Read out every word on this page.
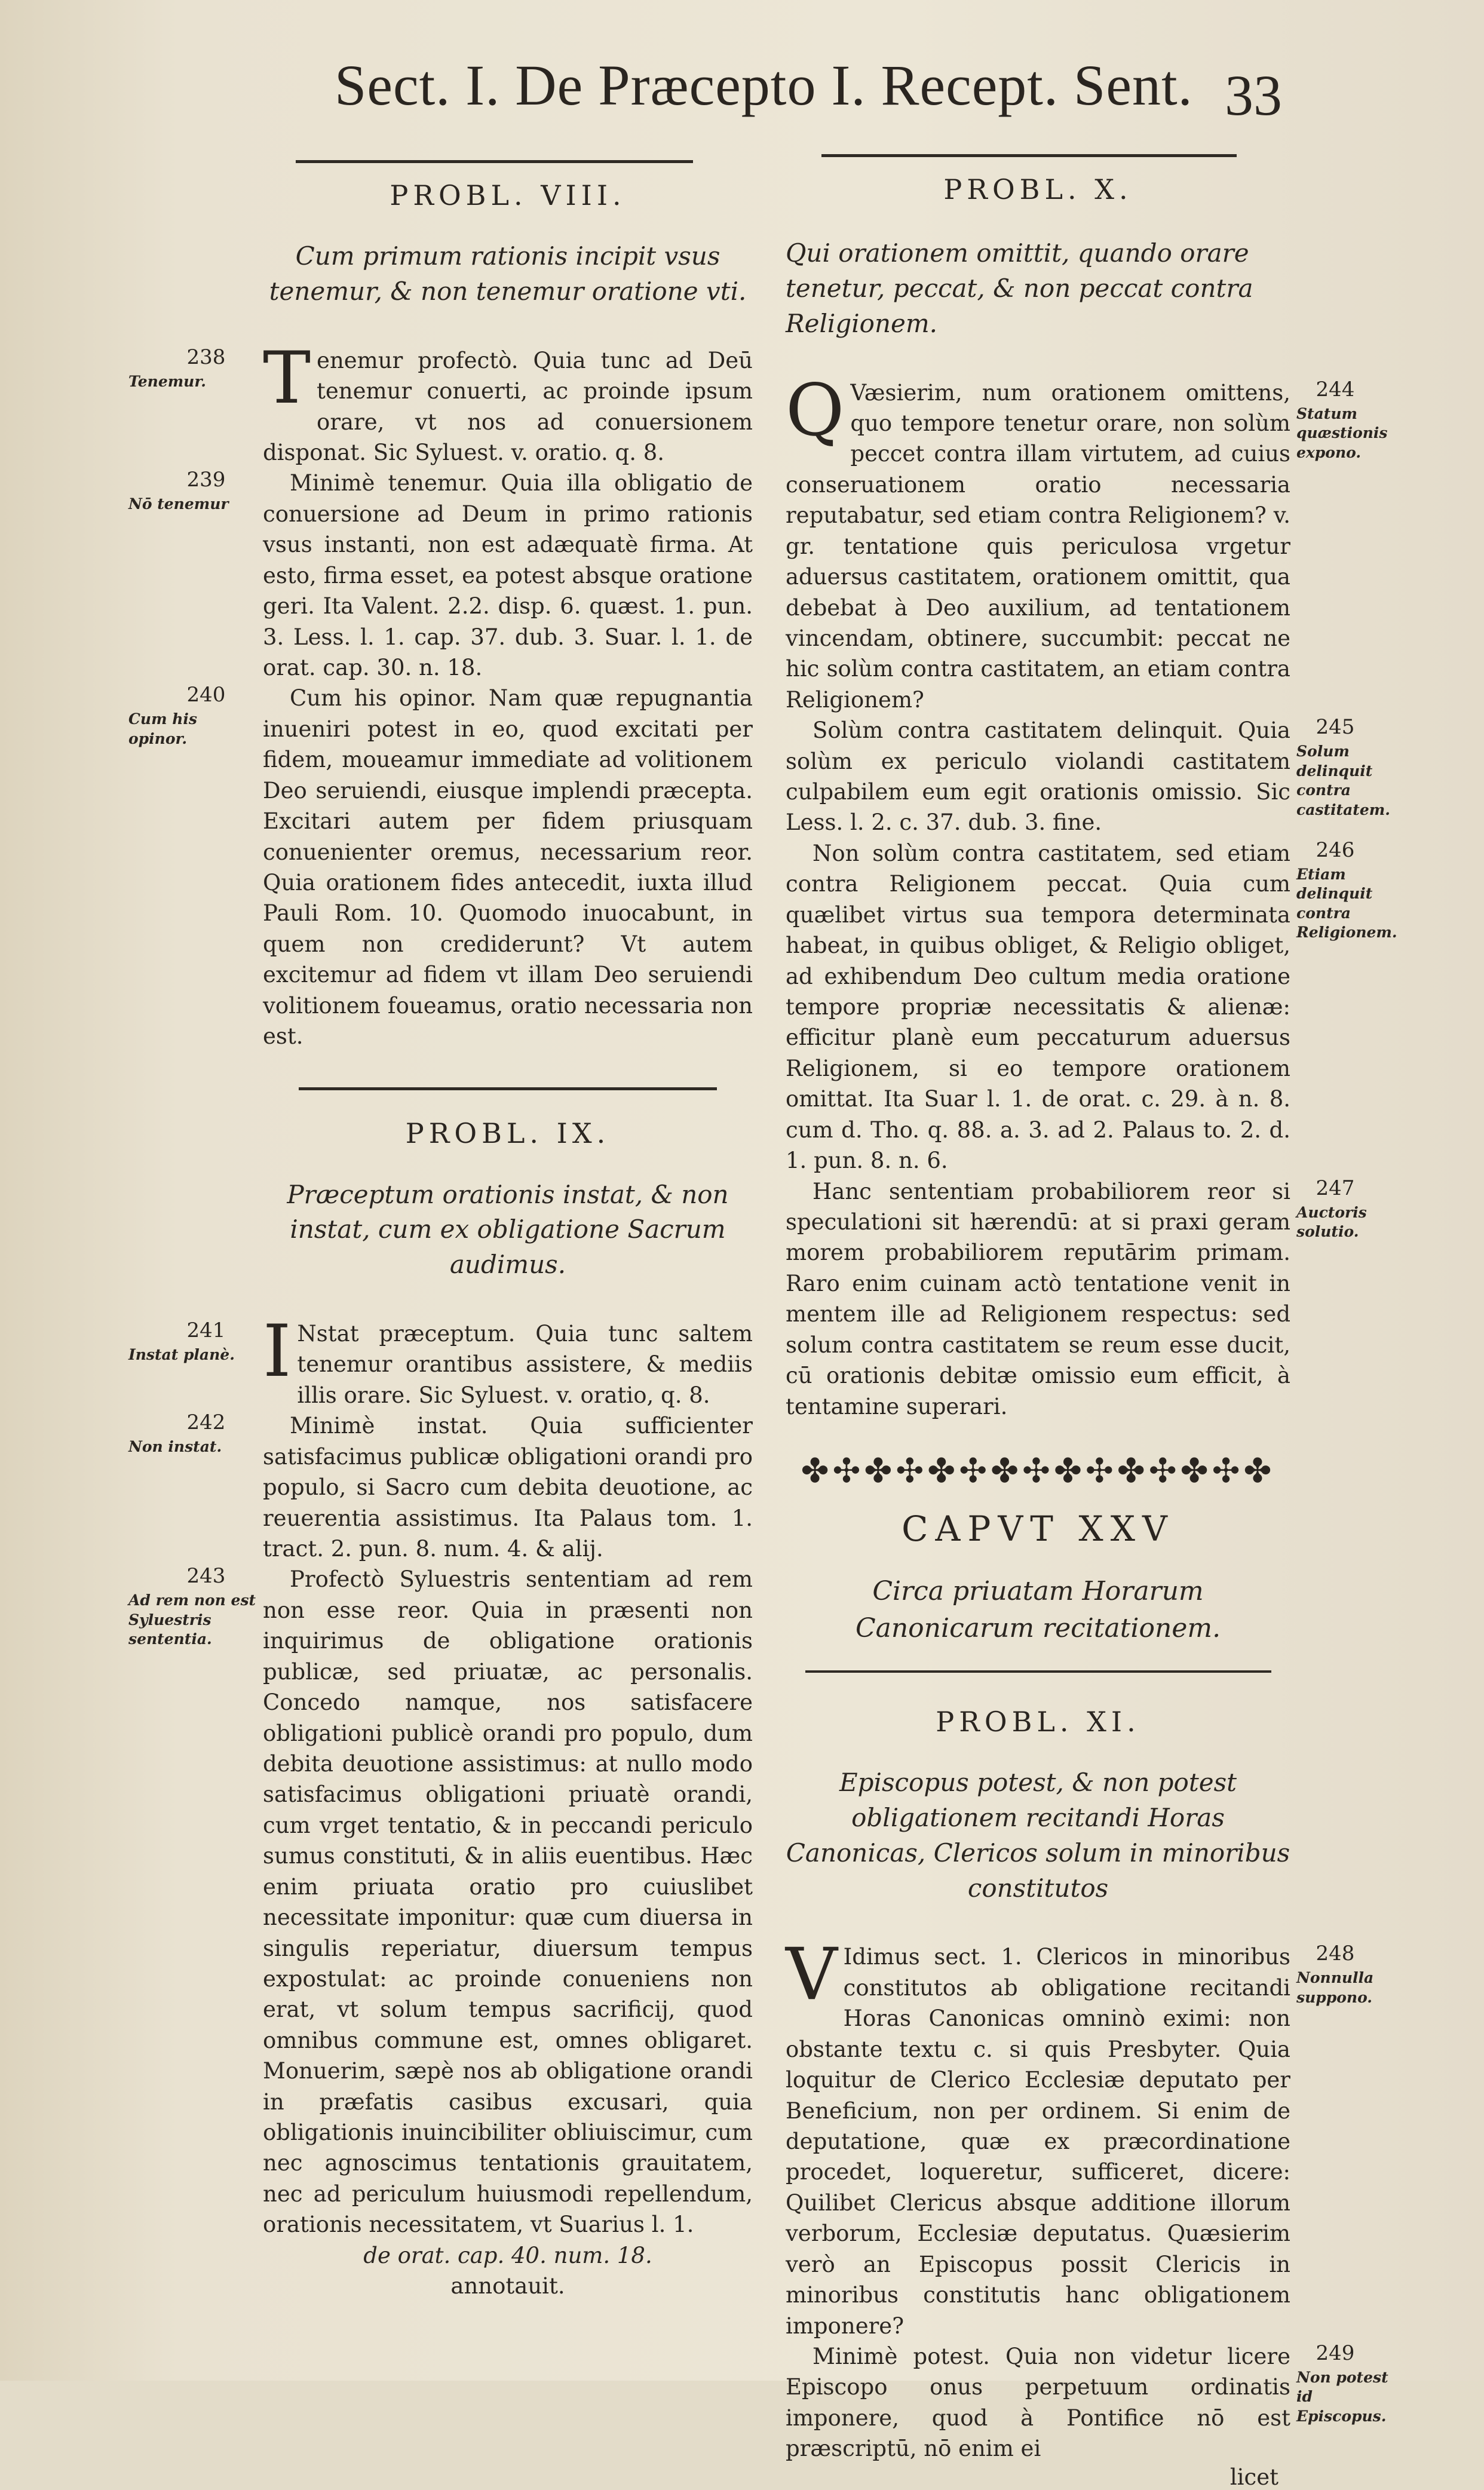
Sect. I. De Præcepto I. Recept. Sent. 33
PROBL. VIII.
Cum primum rationis incipit vsus tenemur, & non tenemur oratione vti.
238
Tenemur. Tenemur profectò. Quia tunc ad Deū tenemur conuerti, ac proinde ipsum orare, vt nos ad conuersionem disponat. Sic Syluest. v. oratio. q. 8.

239
Nō tenemur

Minimè tenemur. Quia illa obligatio de conuersione ad Deum in primo rationis vsus instanti, non est adæquatè firma. At esto, firma esset, ea potest absque oratione geri. Ita Valent. 2.2. disp. 6. quæst. 1. pun. 3. Less. l. 1. cap. 37. dub. 3. Suar. l. 1. de orat. cap. 30. n. 18.

240
Cum his opinor.

Cum his opinor. Nam quæ repugnantia inueniri potest in eo, quod excitati per fidem, moueamur immediate ad volitionem Deo seruiendi, eiusque implendi præcepta. Excitari autem per fidem priusquam conuenienter oremus, necessarium reor. Quia orationem fides antecedit, iuxta illud Pauli Rom. 10. Quomodo inuocabunt, in quem non crediderunt? Vt autem excitemur ad fidem vt illam Deo seruiendi volitionem foueamus, oratio necessaria non est.

PROBL. IX.
Præceptum orationis instat, & non instat, cum ex obligatione Sacrum audimus.
241
Instat planè. I Nstat præceptum. Quia tunc saltem tenemur orantibus assistere, & mediis illis orare. Sic Syluest. v. oratio, q. 8.

242
Non instat.

Minimè instat. Quia sufficienter satisfacimus publicæ obligationi orandi pro populo, si Sacro cum debita deuotione, ac reuerentia assistimus. Ita Palaus tom. 1. tract. 2. pun. 8. num. 4. & alij.

243
Ad rem non est Syluestris sententia.

Profectò Syluestris sententiam ad rem non esse reor. Quia in præsenti non inquirimus de obligatione orationis publicæ, sed priuatæ, ac personalis. Concedo namque, nos satisfacere obligationi publicè orandi pro populo, dum debita deuotione assistimus: at nullo modo satisfacimus obligationi priuatè orandi, cum vrget tentatio, & in peccandi periculo sumus constituti, & in aliis euentibus. Hæc enim priuata oratio pro cuiuslibet necessitate imponitur: quæ cum diuersa in singulis reperiatur, diuersum tempus expostulat: ac proinde conueniens non erat, vt solum tempus sacrificij, quod omnibus commune est, omnes obligaret. Monuerim, sæpè nos ab obligatione orandi in præfatis casibus excusari, quia obligationis inuincibiliter obliuiscimur, cum nec agnoscimus tentationis grauitatem, nec ad periculum huiusmodi repellendum, orationis necessitatem, vt Suarius l. 1.

de orat. cap. 40. num. 18.
annotauit.
PROBL. X.
Qui orationem omittit, quando orare tenetur, peccat, & non peccat contra Religionem.
244
Statum quæstionis expono.

Q Væsierim, num orationem omittens, quo tempore tenetur orare, non solùm peccet contra illam virtutem, ad cuius conseruationem oratio necessaria reputabatur, sed etiam contra Religionem? v. gr. tentatione quis periculosa vrgetur aduersus castitatem, orationem omittit, qua debebat à Deo auxilium, ad tentationem vincendam, obtinere, succumbit: peccat ne hic solùm contra castitatem, an etiam contra Religionem?

245
Solum delinquit contra castitatem.

Solùm contra castitatem delinquit. Quia solùm ex periculo violandi castitatem culpabilem eum egit orationis omissio. Sic Less. l. 2. c. 37. dub. 3. fine.

246
Etiam delinquit contra Religionem.

Non solùm contra castitatem, sed etiam contra Religionem peccat. Quia cum quælibet virtus sua tempora determinata habeat, in quibus obliget, & Religio obliget, ad exhibendum Deo cultum media oratione tempore propriæ necessitatis & alienæ: efficitur planè eum peccaturum aduersus Religionem, si eo tempore orationem omittat. Ita Suar l. 1. de orat. c. 29. à n. 8. cum d. Tho. q. 88. a. 3. ad 2. Palaus to. 2. d. 1. pun. 8. n. 6.

247
Auctoris solutio.

Hanc sententiam probabiliorem reor si speculationi sit hærendū: at si praxi geram morem probabiliorem reputārim primam. Raro enim cuinam actò tentatione venit in mentem ille ad Religionem respectus: sed solum contra castitatem se reum esse ducit, cū orationis debitæ omissio eum efficit, à tentamine superari.

✤✣✤✣✤✣✤✣✤✣✤✣✤✣✤
CAPVT XXV
Circa priuatam Horarum Canonicarum recitationem.
PROBL. XI.
Episcopus potest, & non potest obligationem recitandi Horas Canonicas, Clericos solum in minoribus constitutos
248
Nonnulla suppono.

V Idimus sect. 1. Clericos in minoribus constitutos ab obligatione recitandi Horas Canonicas omninò eximi: non obstante textu c. si quis Presbyter. Quia loquitur de Clerico Ecclesiæ deputato per Beneficium, non per ordinem. Si enim de deputatione, quæ ex præcordinatione procedet, loqueretur, sufficeret, dicere: Quilibet Clericus absque additione illorum verborum, Ecclesiæ deputatus. Quæsierim verò an Episcopus possit Clericis in minoribus constitutis hanc obligationem imponere?

249
Non potest id Episcopus.

Minimè potest. Quia non videtur licere Episcopo onus perpetuum ordinatis imponere, quod à Pontifice nō est præscriptū, nō enim ei

licet
